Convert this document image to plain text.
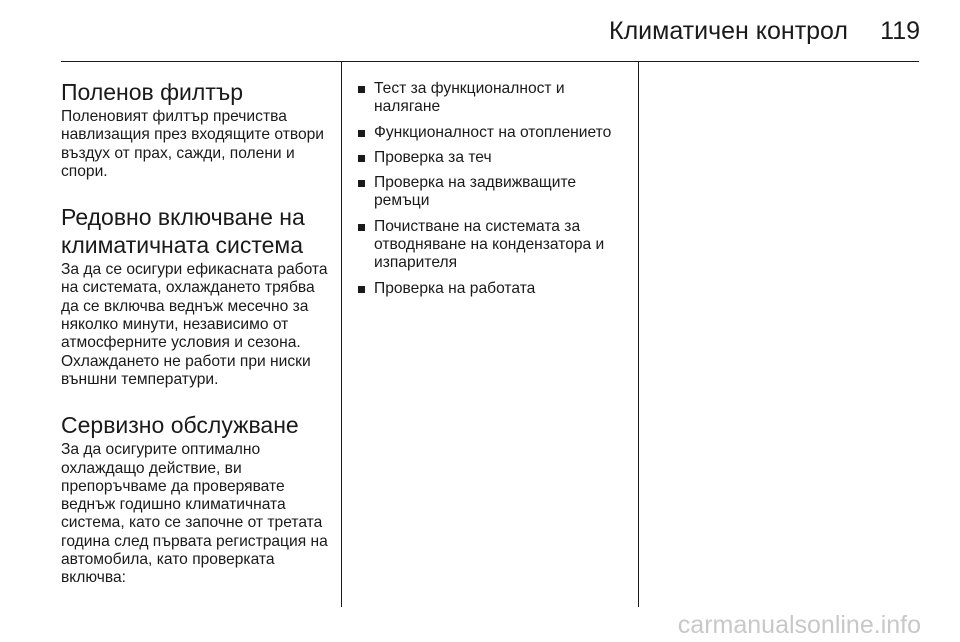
Климатичен контрол 119
Поленов филтър

Поленовият филтър пречиства навлизащия през входящите отвори въздух от прах, сажди, полени и спори.

Редовно включване на
климатичната система

За да се осигури ефикасната работа на системата, охлаждането трябва да се включва веднъж месечно за няколко минути, независимо от атмосферните условия и сезона. Охлаждането не работи при ниски външни температури.

Сервизно обслужване

За да осигурите оптимално охлаждащо действие, ви препоръчваме да проверявате веднъж годишно климатичната система, като се започне от третата година след първата регистрация на автомобила, като проверката включва:

Тест за функционалност и налягане
Функционалност на отоплението
Проверка за теч
Проверка на задвижващите ремъци
Почистване на системата за отводняване на кондензатора и изпарителя
Проверка на работата
carmanualsonline.info
